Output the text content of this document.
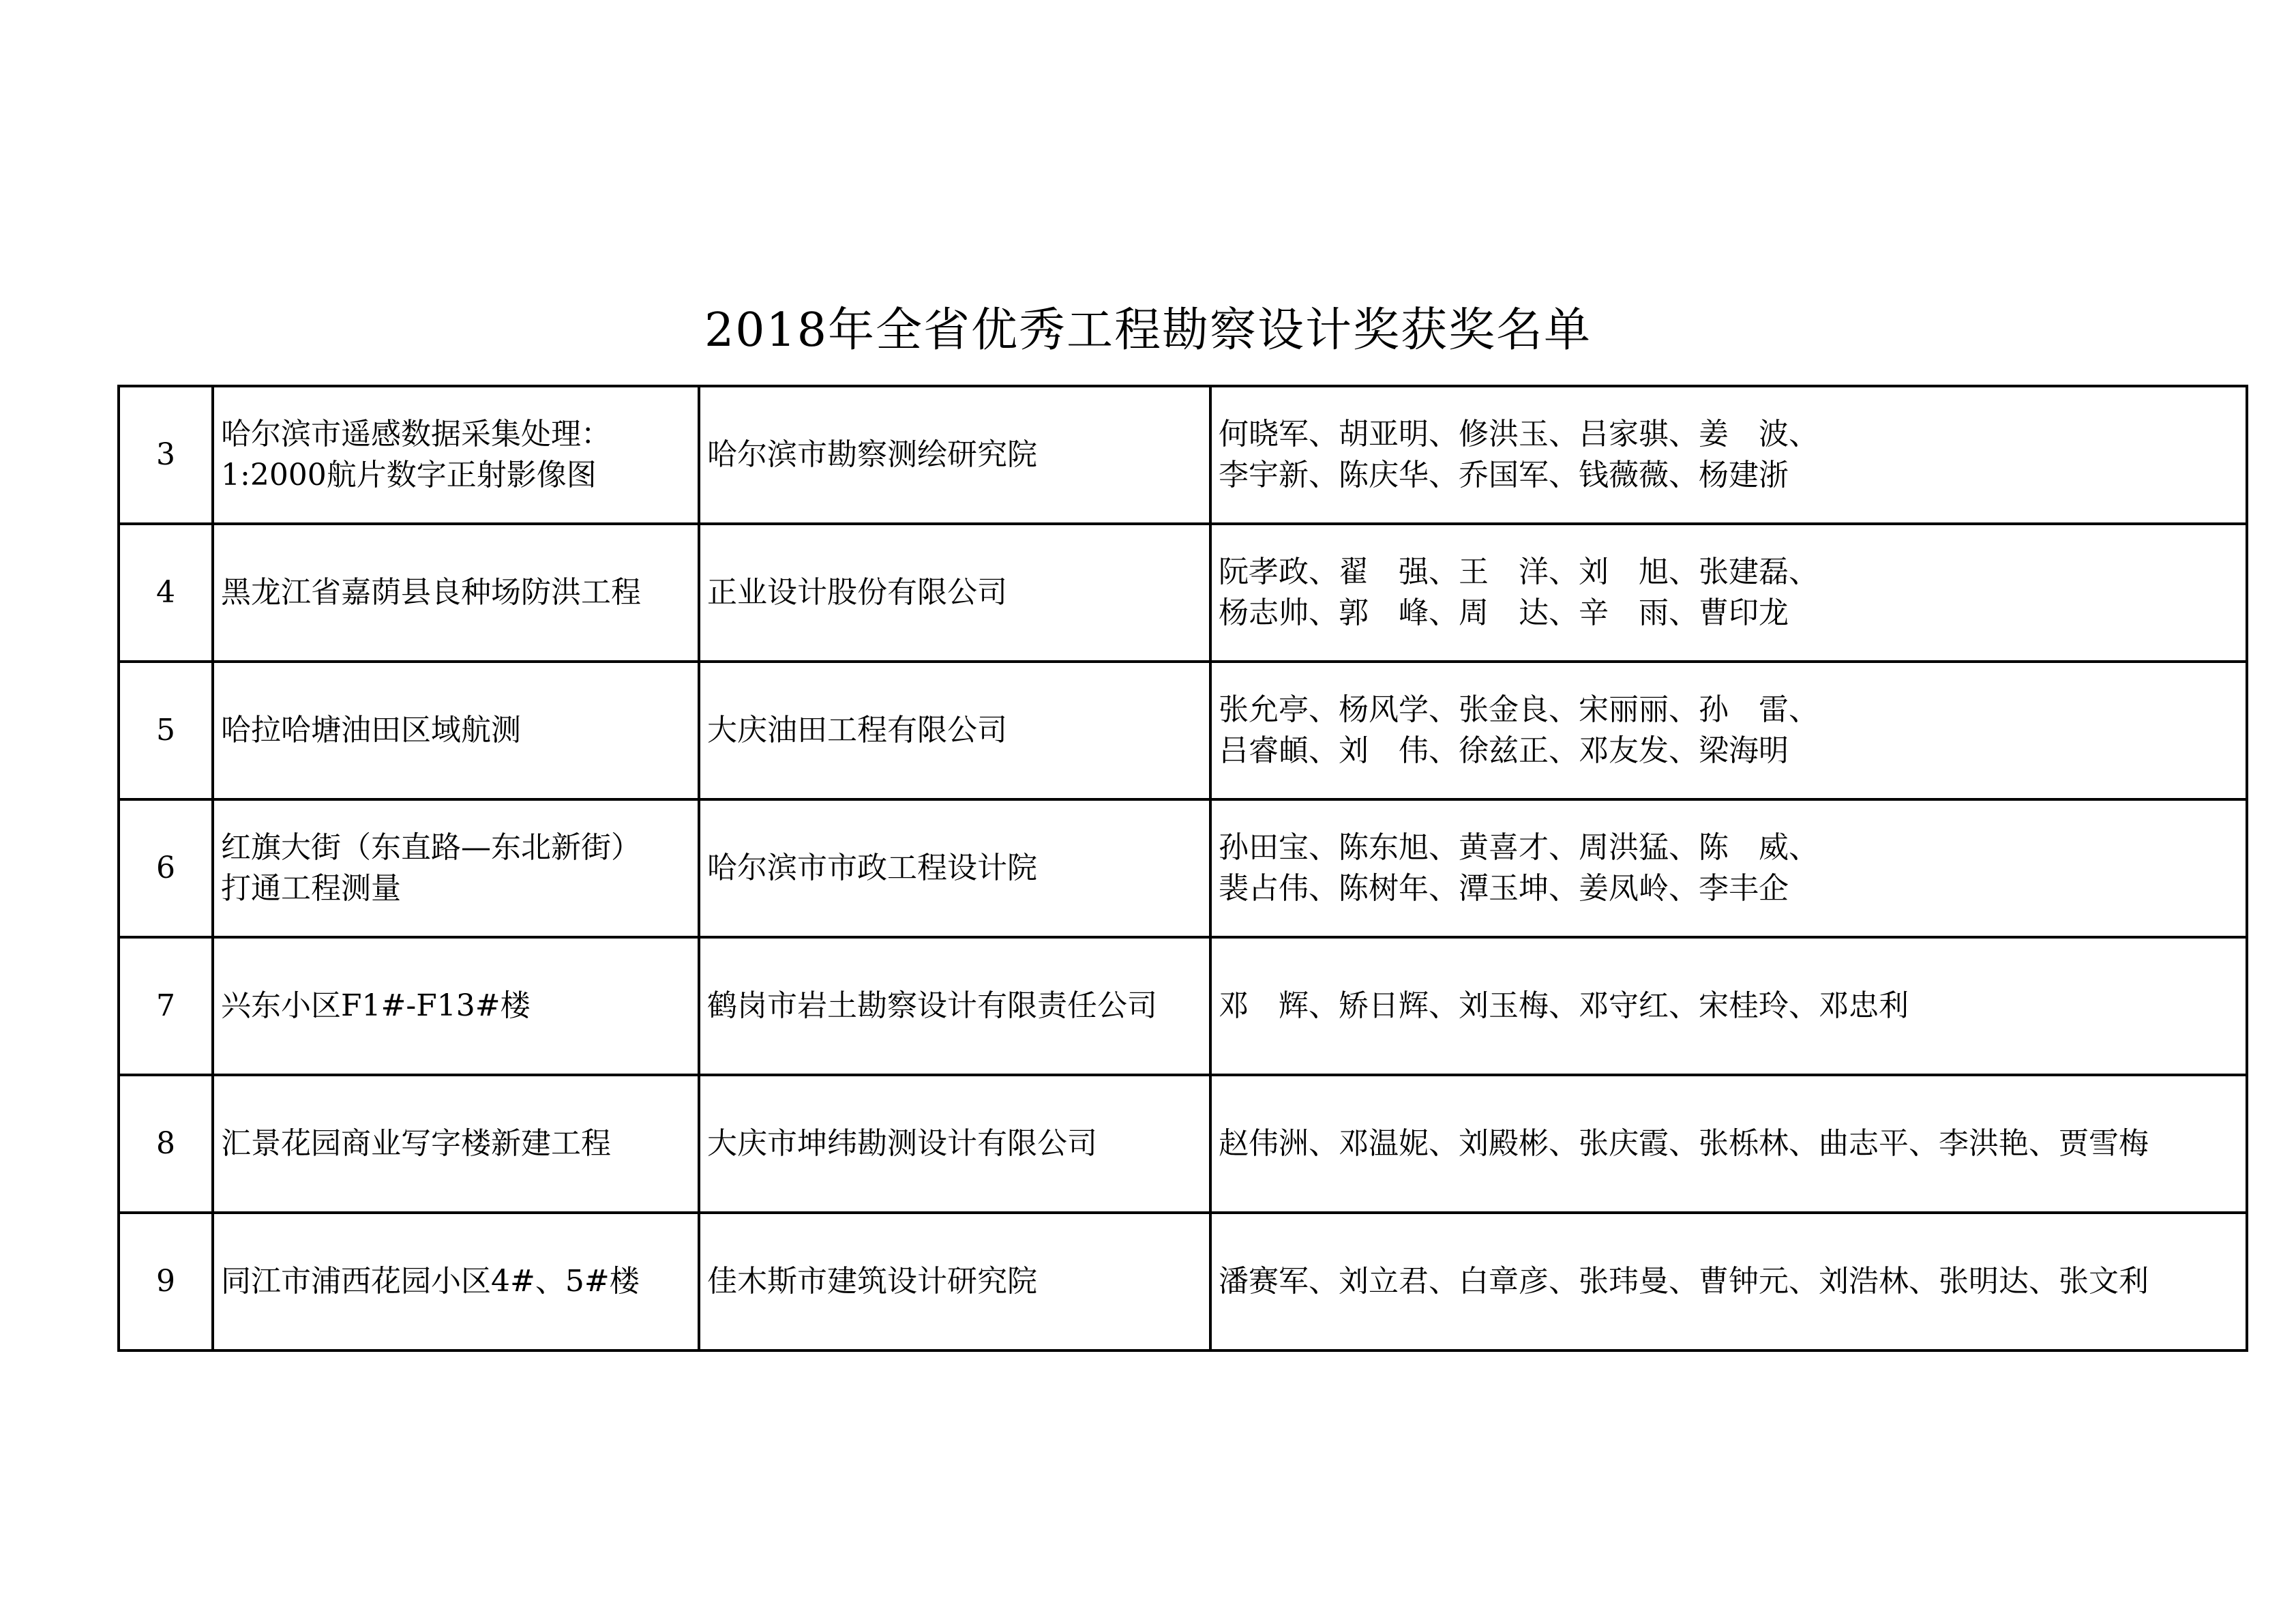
2018年全省优秀工程勘察设计奖获奖名单
3	哈尔滨市遥感数据采集处理：
1:2000航片数字正射影像图	哈尔滨市勘察测绘研究院	何晓军、胡亚明、修洪玉、吕家骐、姜　波、
李宇新、陈庆华、乔国军、钱薇薇、杨建浙

4	黑龙江省嘉荫县良种场防洪工程	正业设计股份有限公司	阮孝政、翟　强、王　洋、刘　旭、张建磊、
杨志帅、郭　峰、周　达、辛　雨、曹印龙

5	哈拉哈塘油田区域航测	大庆油田工程有限公司	张允亭、杨风学、张金良、宋丽丽、孙　雷、
吕睿頔、刘　伟、徐兹正、邓友发、梁海明

6	红旗大街（东直路—东北新街）
打通工程测量	哈尔滨市市政工程设计院	孙田宝、陈东旭、黄喜才、周洪猛、陈　威、
裴占伟、陈树年、潭玉坤、姜凤岭、李丰企

7	兴东小区F1#-F13#楼	鹤岗市岩土勘察设计有限责任公司	邓　辉、矫日辉、刘玉梅、邓守红、宋桂玲、邓忠利

8	汇景花园商业写字楼新建工程	大庆市坤纬勘测设计有限公司	赵伟洲、邓温妮、刘殿彬、张庆霞、张栎林、曲志平、李洪艳、贾雪梅

9	同江市浦西花园小区4#、5#楼	佳木斯市建筑设计研究院	潘赛军、刘立君、白章彦、张玮曼、曹钟元、刘浩林、张明达、张文利
